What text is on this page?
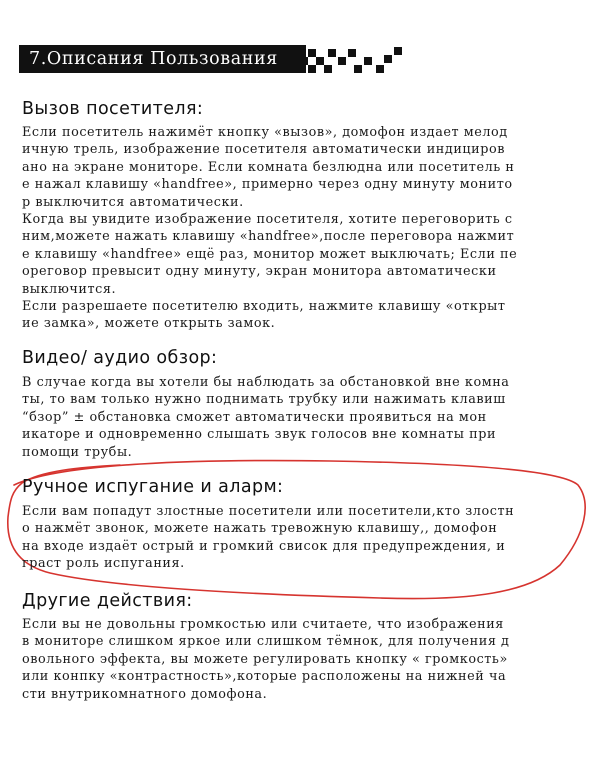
7.Описания Пользования
Вызов посетителя:
Если посетитель нажимёт кнопку «вызов», домофон издает мелод
ичную трель, изображение посетителя автоматически индициров
ано на экране мониторе. Если комната безлюдна или посетитель н
е нажал клавишу «handfree», примерно через одну минуту монито
р выключится автоматически.
Когда вы увидите изображение посетителя, хотите переговорить с
ним,можете нажать клавишу «handfree»,после переговора нажмит
е клавишу «handfree» ещё раз, монитор может выключать; Если пе
ореговор превысит одну минуту, экран монитора автоматически
выключится.
Если разрешаете посетителю входить, нажмите клавишу «открыт
ие замка», можете открыть замок.
Видео/ аудио обзор:
В случае когда вы хотели бы наблюдать за обстановкой вне комна
ты, то вам только нужно поднимать трубку или нажимать клавиш
“бзор” ± обстановка сможет автоматически проявиться на мон
икаторе и одновременно слышать звук голосов вне комнаты при
помощи трубы.
Ручное испугание и аларм:
Если вам попадут злостные посетители или посетители,кто злостн
о нажмёт звонок, можете нажать тревожную клавишу,, домофон
на входе издаёт острый и громкий свисок для предупреждения, и
граст роль испугания.
Другие действия:
Если вы не довольны громкостью или считаете, что изображения
в мониторе слишком яркое или слишком тёмнок, для получения д
овольного эффекта, вы можете регулировать кнопку « громкость»
или конпку «контрастность»,которые расположены на нижней ча
сти внутрикомнатного домофона.
